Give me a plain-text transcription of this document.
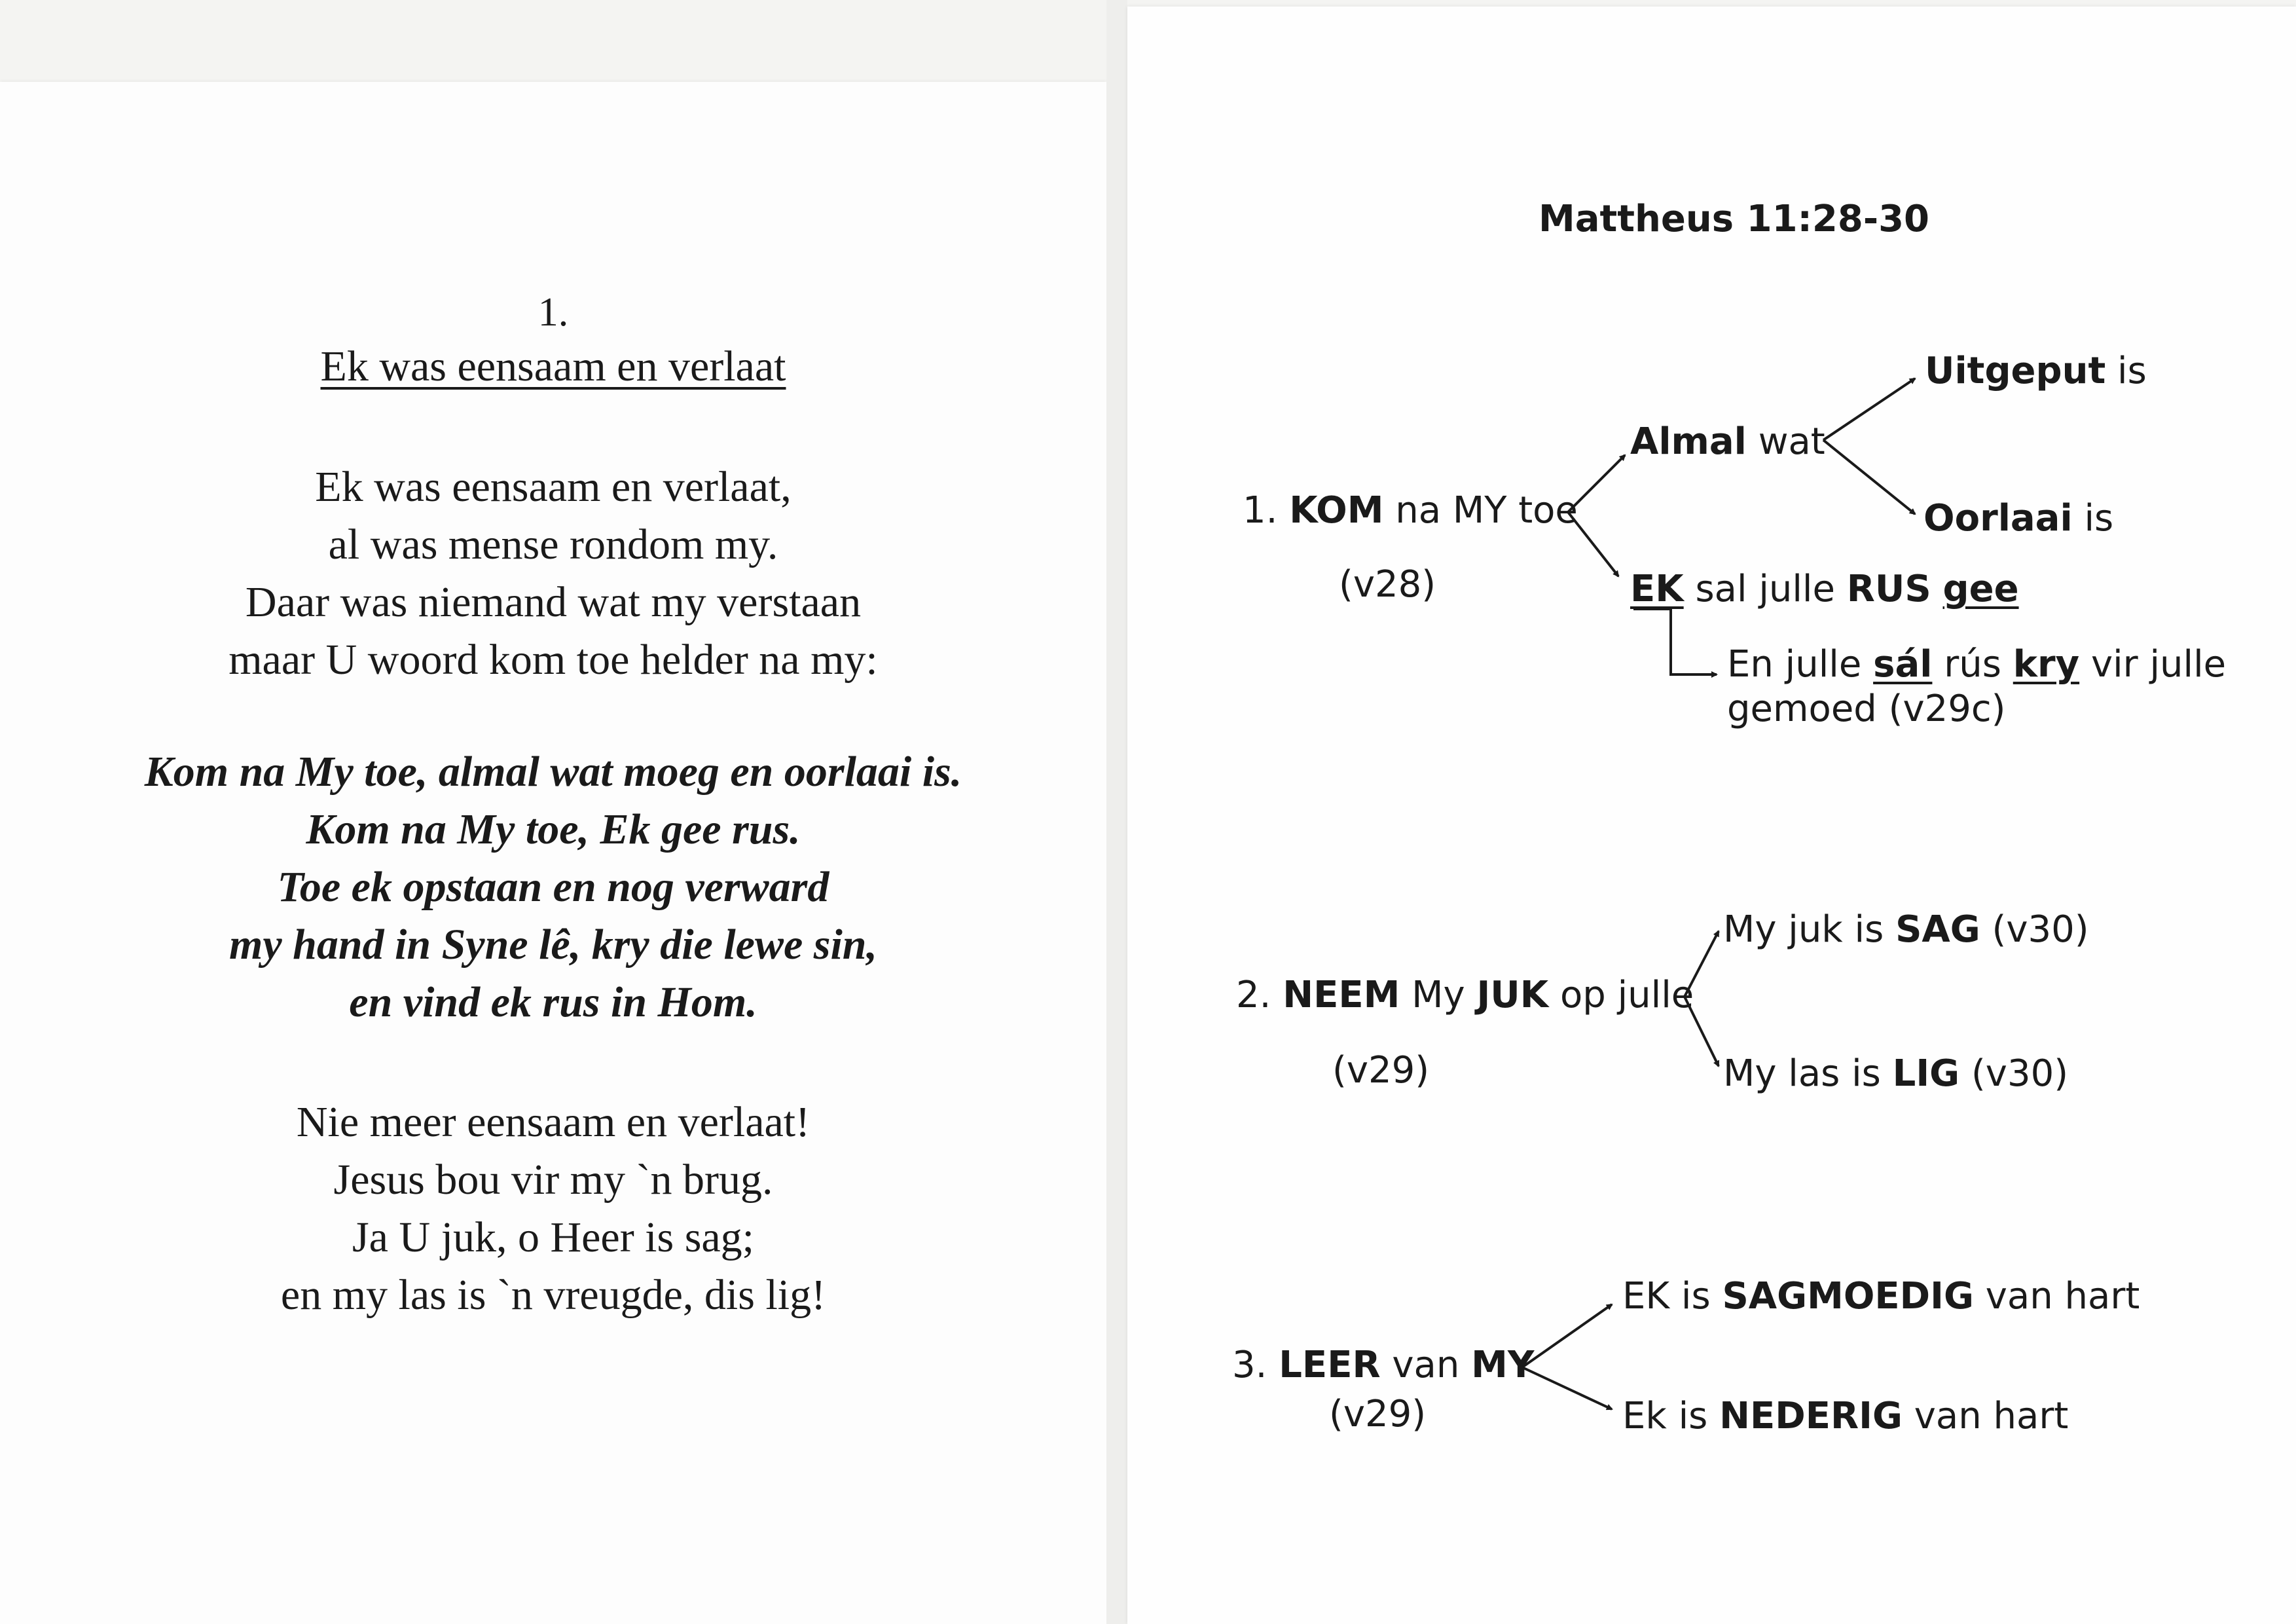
1.
Ek was eensaam en verlaat
Ek was eensaam en verlaat,
al was mense rondom my.
Daar was niemand wat my verstaan
maar U woord kom toe helder na my:
Kom na My toe, almal wat moeg en oorlaai is.
Kom na My toe, Ek gee rus.
Toe ek opstaan en nog verward
my hand in Syne lê, kry die lewe sin,
en vind ek rus in Hom.
Nie meer eensaam en verlaat!
Jesus bou vir my `n brug.
Ja U juk, o Heer is sag;
en my las is `n vreugde, dis lig!
Mattheus 11:28-30
1. KOM na MY toe
(v28)
Almal wat
Uitgeput is
Oorlaai is
EK sal julle RUS gee
En julle sál rús kry vir julle
gemoed (v29c)
2. NEEM My JUK op julle
(v29)
My juk is SAG (v30)
My las is LIG (v30)
3. LEER van MY
(v29)
EK is SAGMOEDIG van hart
Ek is NEDERIG van hart
